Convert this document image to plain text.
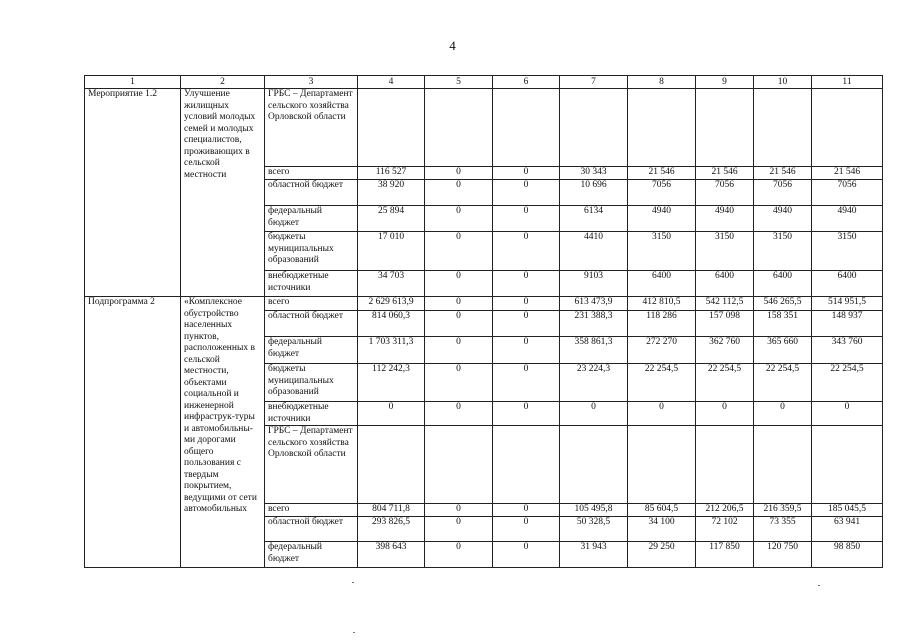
4
1	2	3	4	5	6	7	8	9	10	11
Мероприятие 1.2	Улучшение жилищных условий молодых семей и молодых специалистов, проживающих в сельской местности	ГРБС – Департамент сельского хозяйства Орловской области								
		всего	116 527	0	0	30 343	21 546	21 546	21 546	21 546
		областной бюджет	38 920	0	0	10 696	7056	7056	7056	7056
		федеральный бюджет	25 894	0	0	6134	4940	4940	4940	4940
		бюджеты муниципальных образований	17 010	0	0	4410	3150	3150	3150	3150
		внебюджетные источники	34 703	0	0	9103	6400	6400	6400	6400
Подпрограмма 2	«Комплексное обустройство населенных пунктов, расположенных в сельской местности, объектами социальной и инженерной инфраструк-туры и автомобильны-ми дорогами общего пользования с твердым покрытием, ведущими от сети автомобильных	всего	2 629 613,9	0	0	613 473,9	412 810,5	542 112,5	546 265,5	514 951,5
		областной бюджет	814 060,3	0	0	231 388,3	118 286	157 098	158 351	148 937
		федеральный бюджет	1 703 311,3	0	0	358 861,3	272 270	362 760	365 660	343 760
		бюджеты муниципальных образований	112 242,3	0	0	23 224,3	22 254,5	22 254,5	22 254,5	22 254,5
		внебюджетные источники	0	0	0	0	0	0	0	0
		ГРБС – Департамент сельского хозяйства Орловской области								
		всего	804 711,8	0	0	105 495,8	85 604,5	212 206,5	216 359,5	185 045,5
		областной бюджет	293 826,5	0	0	50 328,5	34 100	72 102	73 355	63 941
		федеральный бюджет	398 643	0	0	31 943	29 250	117 850	120 750	98 850
